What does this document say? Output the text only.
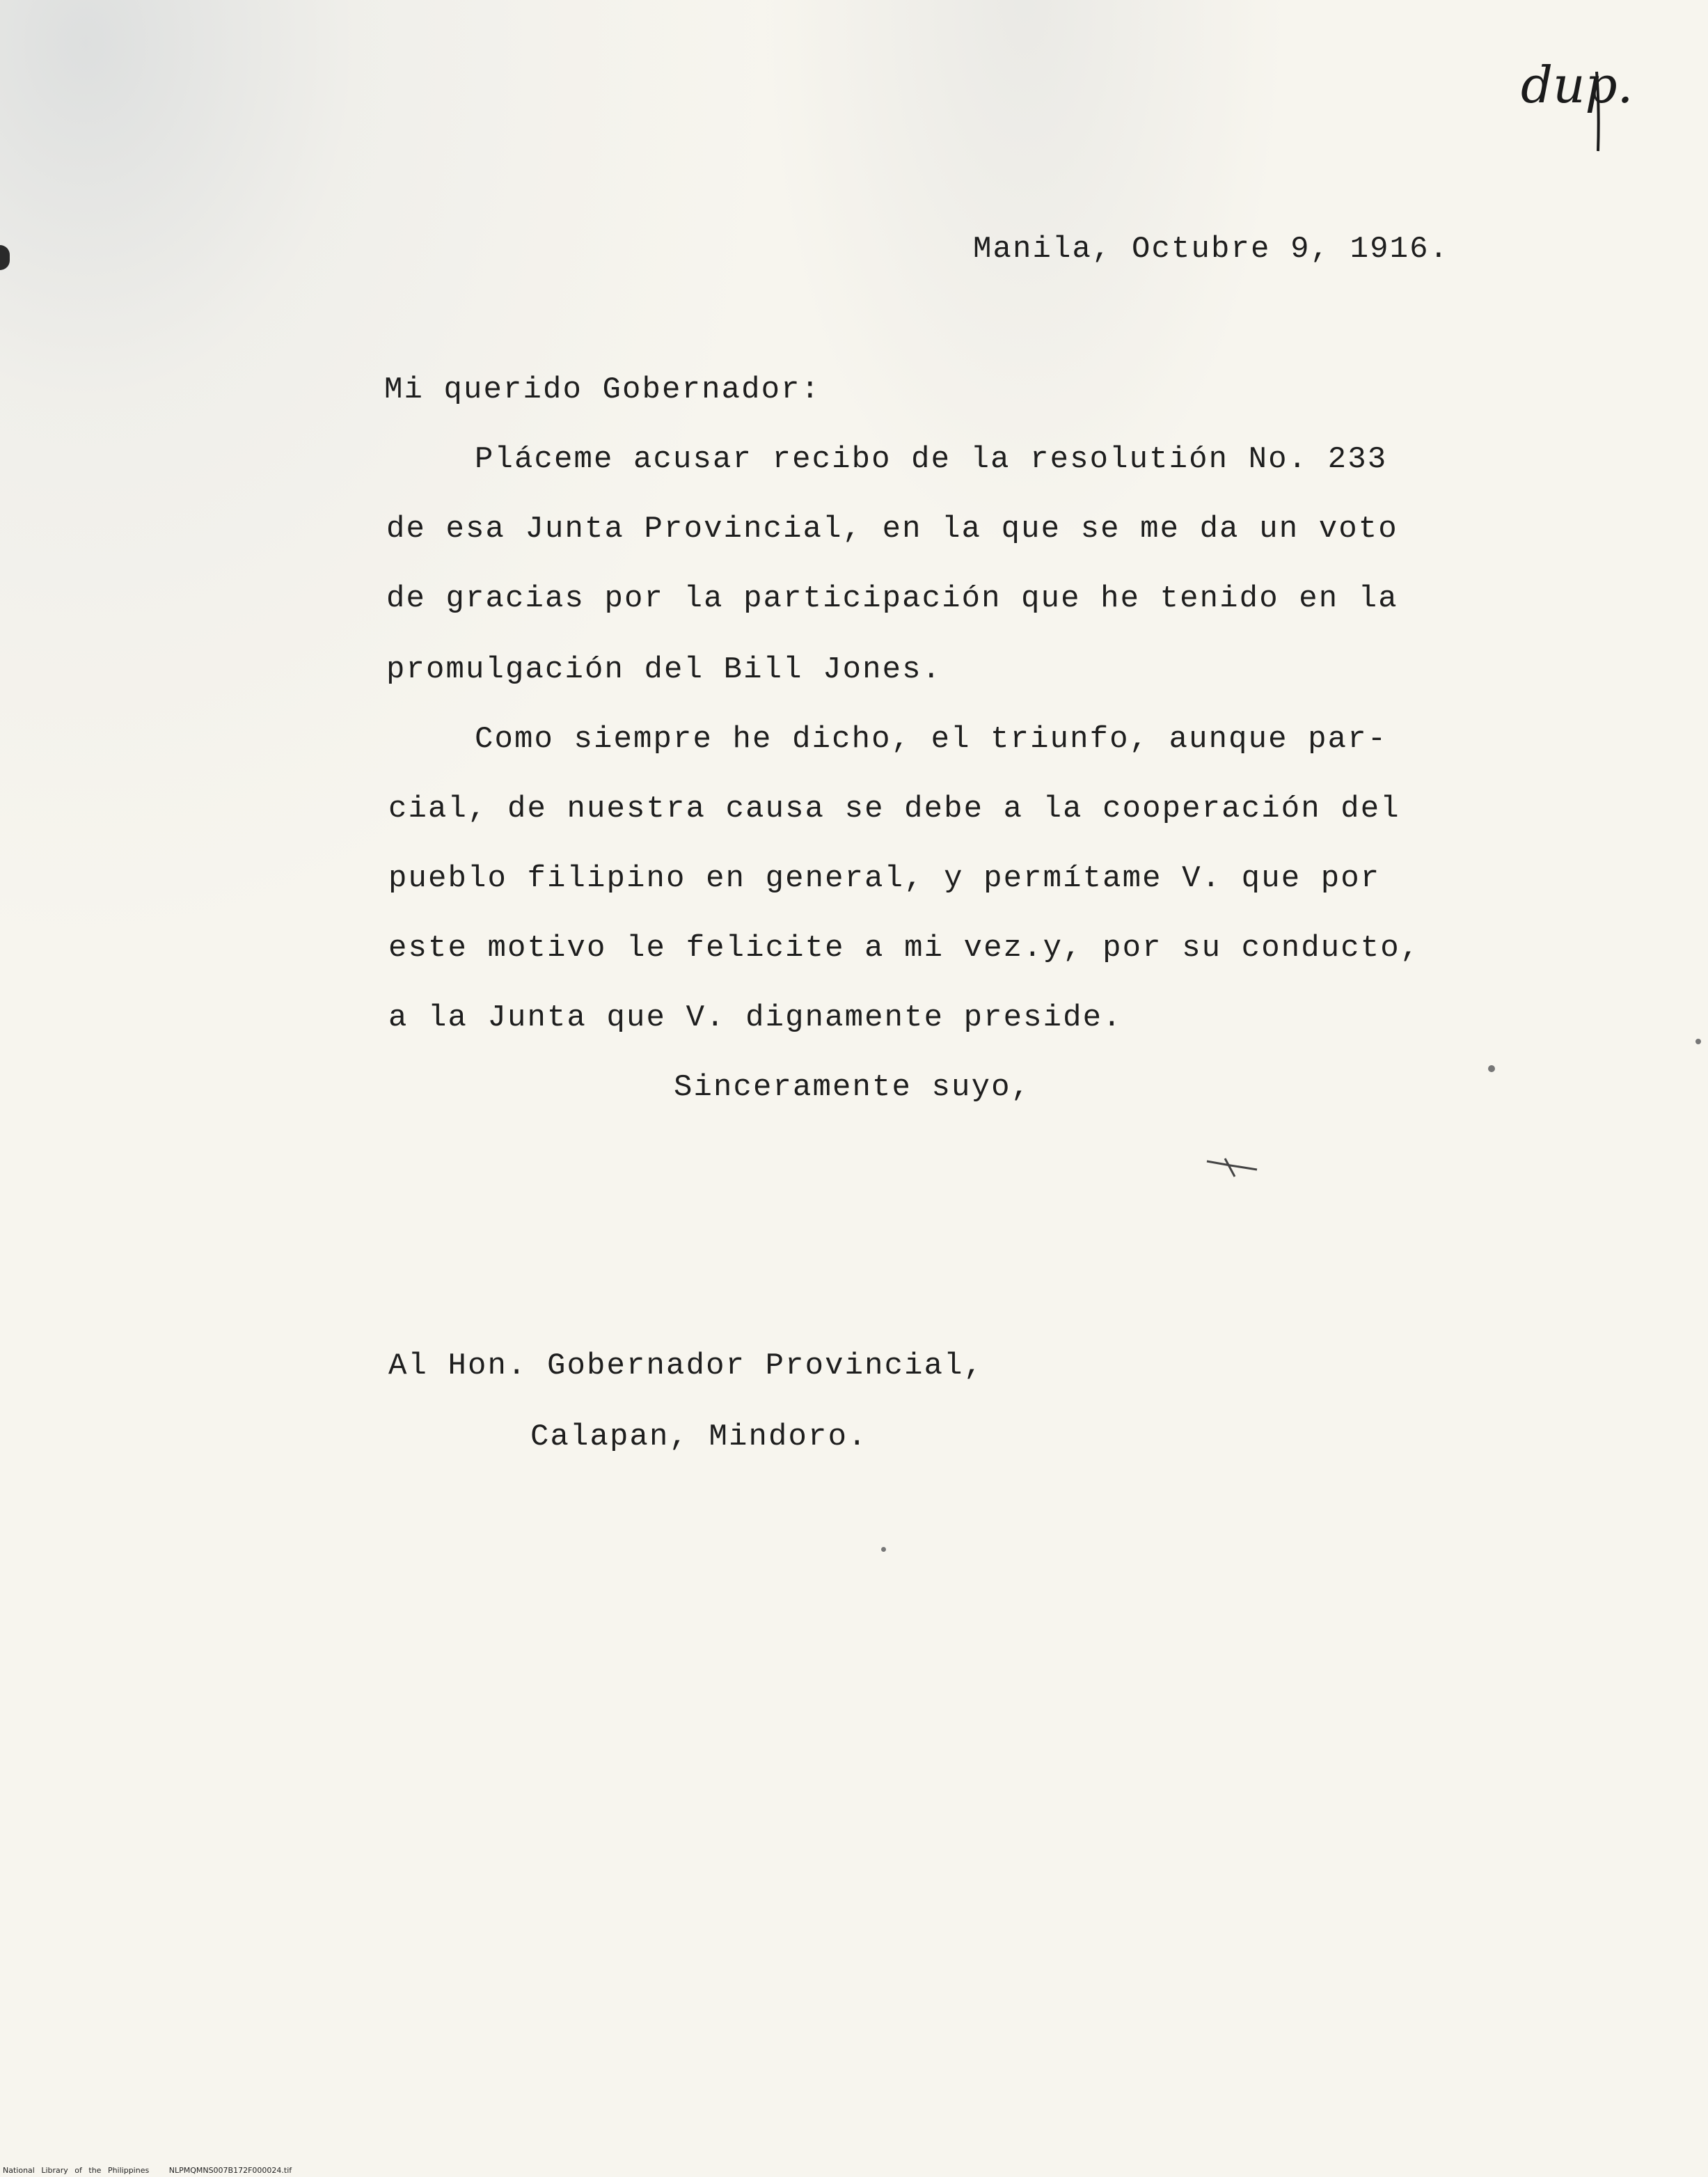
dup.
Manila, Octubre 9, 1916.
Mi querido Gobernador:
Pláceme acusar recibo de la resolutión No. 233
de esa Junta Provincial, en la que se me da un voto
de gracias por la participación que he tenido en la
promulgación del Bill Jones.
Como siempre he dicho, el triunfo, aunque par-
cial, de nuestra causa se debe a la cooperación del
pueblo filipino en general, y permítame V. que por
este motivo le felicite a mi vez.y, por su conducto,
a la Junta que V. dignamente preside.
Sinceramente suyo,
Al Hon. Gobernador Provincial,
Calapan, Mindoro.
National Library of the Philippines	NLPMQMNS007B172F000024.tif
